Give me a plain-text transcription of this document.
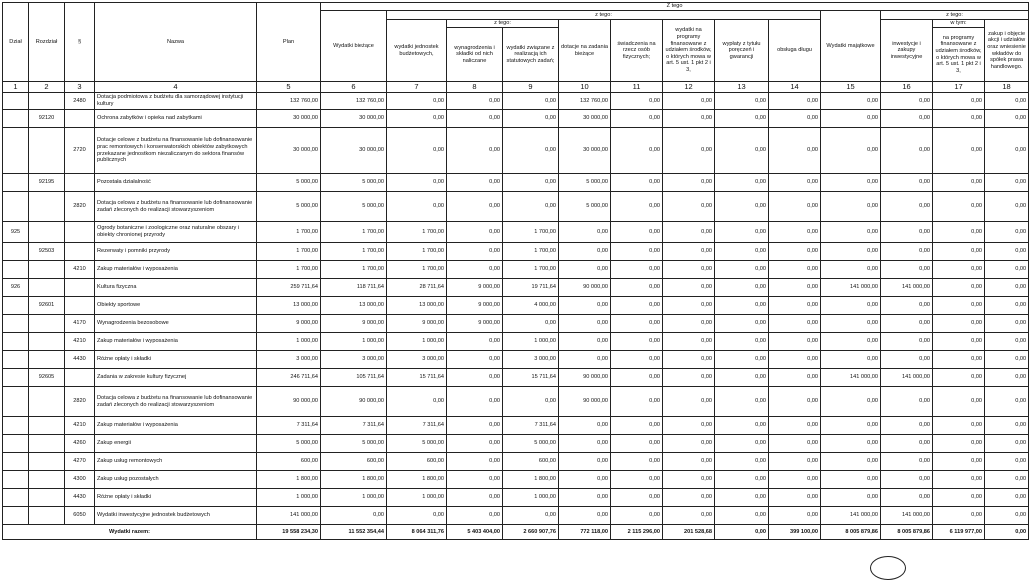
Dział	Rozdział	§	Nazwa	Plan	Z tego												
					Wydatki bieżące	z tego:								Wydatki majątkowe	z tego:		
						wydatki jednostek budżetowych,	z tego:		dotacje na zadania bieżące	świadczenia na rzecz osób fizycznych;	wydatki na programy finansowane z udziałem środków, o których mowa w art. 5 ust. 1 pkt 2 i 3,	wypłaty z tytułu poręczeń i gwarancji	obsługa długu		inwestycje i zakupy inwestycyjne	w tym:	zakup i objęcie akcji i udziałów oraz wniesienie wkładów do spółek prawa handlowego.
							wynagrodzenia i składki od nich naliczane	wydatki związane z realizacją ich statutowych zadań;								na programy finansowane z udziałem środków, o których mowa w art. 5 ust. 1 pkt 2 i 3,	

1	2	3	4	5	6	7	8	9	10	11	12	13	14	15	16	17	18
		2480	Dotacja podmiotowa z budżetu dla samorządowej instytucji kultury	132 760,00	132 760,00	0,00	0,00	0,00	132 760,00	0,00	0,00	0,00	0,00	0,00	0,00	0,00	0,00
	92120		Ochrona zabytków i opieka nad zabytkami	30 000,00	30 000,00	0,00	0,00	0,00	30 000,00	0,00	0,00	0,00	0,00	0,00	0,00	0,00	0,00
		2720	Dotacje celowe z budżetu na finansowanie lub dofinansowanie prac remontowych i konserwatorskich obiektów zabytkowych przekazane jednostkom niezaliczanym do sektora finansów publicznych	30 000,00	30 000,00	0,00	0,00	0,00	30 000,00	0,00	0,00	0,00	0,00	0,00	0,00	0,00	0,00
	92195		Pozostała działalność	5 000,00	5 000,00	0,00	0,00	0,00	5 000,00	0,00	0,00	0,00	0,00	0,00	0,00	0,00	0,00
		2820	Dotacja celowa z budżetu na finansowanie lub dofinansowanie zadań zleconych do realizacji stowarzyszeniom	5 000,00	5 000,00	0,00	0,00	0,00	5 000,00	0,00	0,00	0,00	0,00	0,00	0,00	0,00	0,00
925			Ogrody botaniczne i zoologiczne oraz naturalne obszary i obiekty chronionej przyrody	1 700,00	1 700,00	1 700,00	0,00	1 700,00	0,00	0,00	0,00	0,00	0,00	0,00	0,00	0,00	0,00
	92503		Rezerwaty i pomniki przyrody	1 700,00	1 700,00	1 700,00	0,00	1 700,00	0,00	0,00	0,00	0,00	0,00	0,00	0,00	0,00	0,00
		4210	Zakup materiałów i wyposażenia	1 700,00	1 700,00	1 700,00	0,00	1 700,00	0,00	0,00	0,00	0,00	0,00	0,00	0,00	0,00	0,00
926			Kultura fizyczna	259 711,64	118 711,64	28 711,64	9 000,00	19 711,64	90 000,00	0,00	0,00	0,00	0,00	141 000,00	141 000,00	0,00	0,00
	92601		Obiekty sportowe	13 000,00	13 000,00	13 000,00	9 000,00	4 000,00	0,00	0,00	0,00	0,00	0,00	0,00	0,00	0,00	0,00
		4170	Wynagrodzenia bezosobowe	9 000,00	9 000,00	9 000,00	9 000,00	0,00	0,00	0,00	0,00	0,00	0,00	0,00	0,00	0,00	0,00
		4210	Zakup materiałów i wyposażenia	1 000,00	1 000,00	1 000,00	0,00	1 000,00	0,00	0,00	0,00	0,00	0,00	0,00	0,00	0,00	0,00
		4430	Różne opłaty i składki	3 000,00	3 000,00	3 000,00	0,00	3 000,00	0,00	0,00	0,00	0,00	0,00	0,00	0,00	0,00	0,00
	92605		Zadania w zakresie kultury fizycznej	246 711,64	105 711,64	15 711,64	0,00	15 711,64	90 000,00	0,00	0,00	0,00	0,00	141 000,00	141 000,00	0,00	0,00
		2820	Dotacja celowa z budżetu na finansowanie lub dofinansowanie zadań zleconych do realizacji stowarzyszeniom	90 000,00	90 000,00	0,00	0,00	0,00	90 000,00	0,00	0,00	0,00	0,00	0,00	0,00	0,00	0,00
		4210	Zakup materiałów i wyposażenia	7 311,64	7 311,64	7 311,64	0,00	7 311,64	0,00	0,00	0,00	0,00	0,00	0,00	0,00	0,00	0,00
		4260	Zakup energii	5 000,00	5 000,00	5 000,00	0,00	5 000,00	0,00	0,00	0,00	0,00	0,00	0,00	0,00	0,00	0,00
		4270	Zakup usług remontowych	600,00	600,00	600,00	0,00	600,00	0,00	0,00	0,00	0,00	0,00	0,00	0,00	0,00	0,00
		4300	Zakup usług pozostałych	1 800,00	1 800,00	1 800,00	0,00	1 800,00	0,00	0,00	0,00	0,00	0,00	0,00	0,00	0,00	0,00
		4430	Różne opłaty i składki	1 000,00	1 000,00	1 000,00	0,00	1 000,00	0,00	0,00	0,00	0,00	0,00	0,00	0,00	0,00	0,00
		6050	Wydatki inwestycyjne jednostek budżetowych	141 000,00	0,00	0,00	0,00	0,00	0,00	0,00	0,00	0,00	0,00	141 000,00	141 000,00	0,00	0,00
Wydatki razem:				19 558 234,30	11 552 354,44	8 064 311,76	5 403 404,00	2 660 907,76	772 118,00	2 115 296,00	201 528,68	0,00	399 100,00	8 005 879,86	8 005 879,86	6 119 977,00	0,00
